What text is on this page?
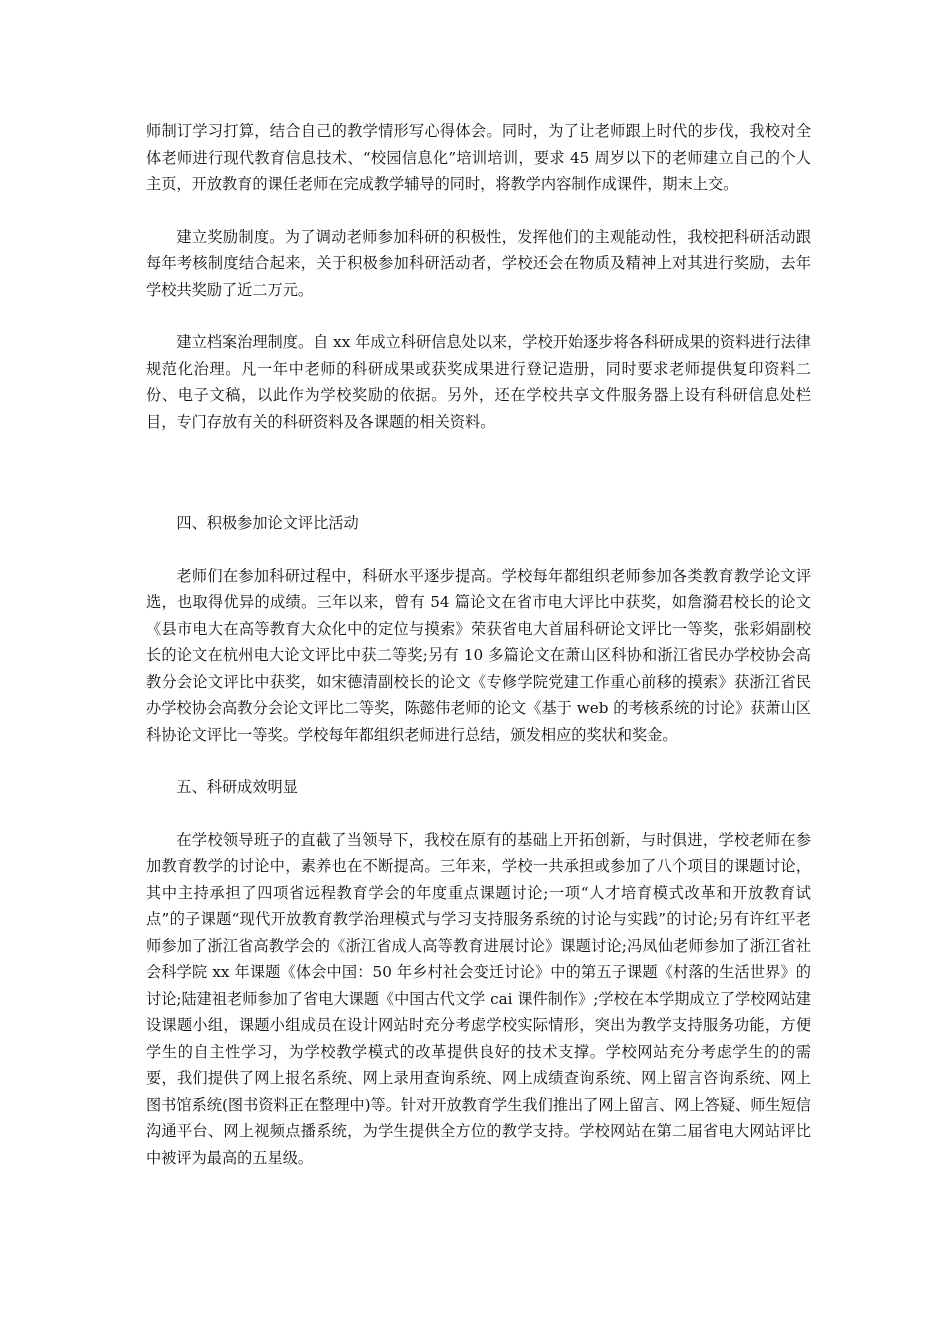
师制订学习打算，结合自己的教学情形写心得体会。同时，为了让老师跟上时代的步伐，我校对全体老师进行现代教育信息技术、“校园信息化”培训培训，要求 45 周岁以下的老师建立自己的个人主页，开放教育的课任老师在完成教学辅导的同时，将教学内容制作成课件，期末上交。

建立奖励制度。为了调动老师参加科研的积极性，发挥他们的主观能动性，我校把科研活动跟每年考核制度结合起来，关于积极参加科研活动者，学校还会在物质及精神上对其进行奖励，去年学校共奖励了近二万元。

建立档案治理制度。自 xx 年成立科研信息处以来，学校开始逐步将各科研成果的资料进行法律规范化治理。凡一年中老师的科研成果或获奖成果进行登记造册，同时要求老师提供复印资料二份、电子文稿，以此作为学校奖励的依据。另外，还在学校共享文件服务器上设有科研信息处栏目，专门存放有关的科研资料及各课题的相关资料。

四、积极参加论文评比活动

老师们在参加科研过程中，科研水平逐步提高。学校每年都组织老师参加各类教育教学论文评选，也取得优异的成绩。三年以来，曾有 54 篇论文在省市电大评比中获奖，如詹漪君校长的论文《县市电大在高等教育大众化中的定位与摸索》荣获省电大首届科研论文评比一等奖，张彩娟副校长的论文在杭州电大论文评比中获二等奖;另有 10 多篇论文在萧山区科协和浙江省民办学校协会高教分会论文评比中获奖，如宋德清副校长的论文《专修学院党建工作重心前移的摸索》获浙江省民办学校协会高教分会论文评比二等奖，陈懿伟老师的论文《基于 web 的考核系统的讨论》获萧山区科协论文评比一等奖。学校每年都组织老师进行总结，颁发相应的奖状和奖金。

五、科研成效明显

在学校领导班子的直截了当领导下，我校在原有的基础上开拓创新，与时俱进，学校老师在参加教育教学的讨论中，素养也在不断提高。三年来，学校一共承担或参加了八个项目的课题讨论，其中主持承担了四项省远程教育学会的年度重点课题讨论;一项“人才培育模式改革和开放教育试点”的子课题“现代开放教育教学治理模式与学习支持服务系统的讨论与实践”的讨论;另有许红平老师参加了浙江省高教学会的《浙江省成人高等教育进展讨论》课题讨论;冯凤仙老师参加了浙江省社会科学院 xx 年课题《体会中国：50 年乡村社会变迁讨论》中的第五子课题《村落的生活世界》的讨论;陆建祖老师参加了省电大课题《中国古代文学 cai 课件制作》;学校在本学期成立了学校网站建设课题小组，课题小组成员在设计网站时充分考虑学校实际情形，突出为教学支持服务功能，方便学生的自主性学习，为学校教学模式的改革提供良好的技术支撑。学校网站充分考虑学生的的需要，我们提供了网上报名系统、网上录用查询系统、网上成绩查询系统、网上留言咨询系统、网上图书馆系统(图书资料正在整理中)等。针对开放教育学生我们推出了网上留言、网上答疑、师生短信沟通平台、网上视频点播系统，为学生提供全方位的教学支持。学校网站在第二届省电大网站评比中被评为最高的五星级。
